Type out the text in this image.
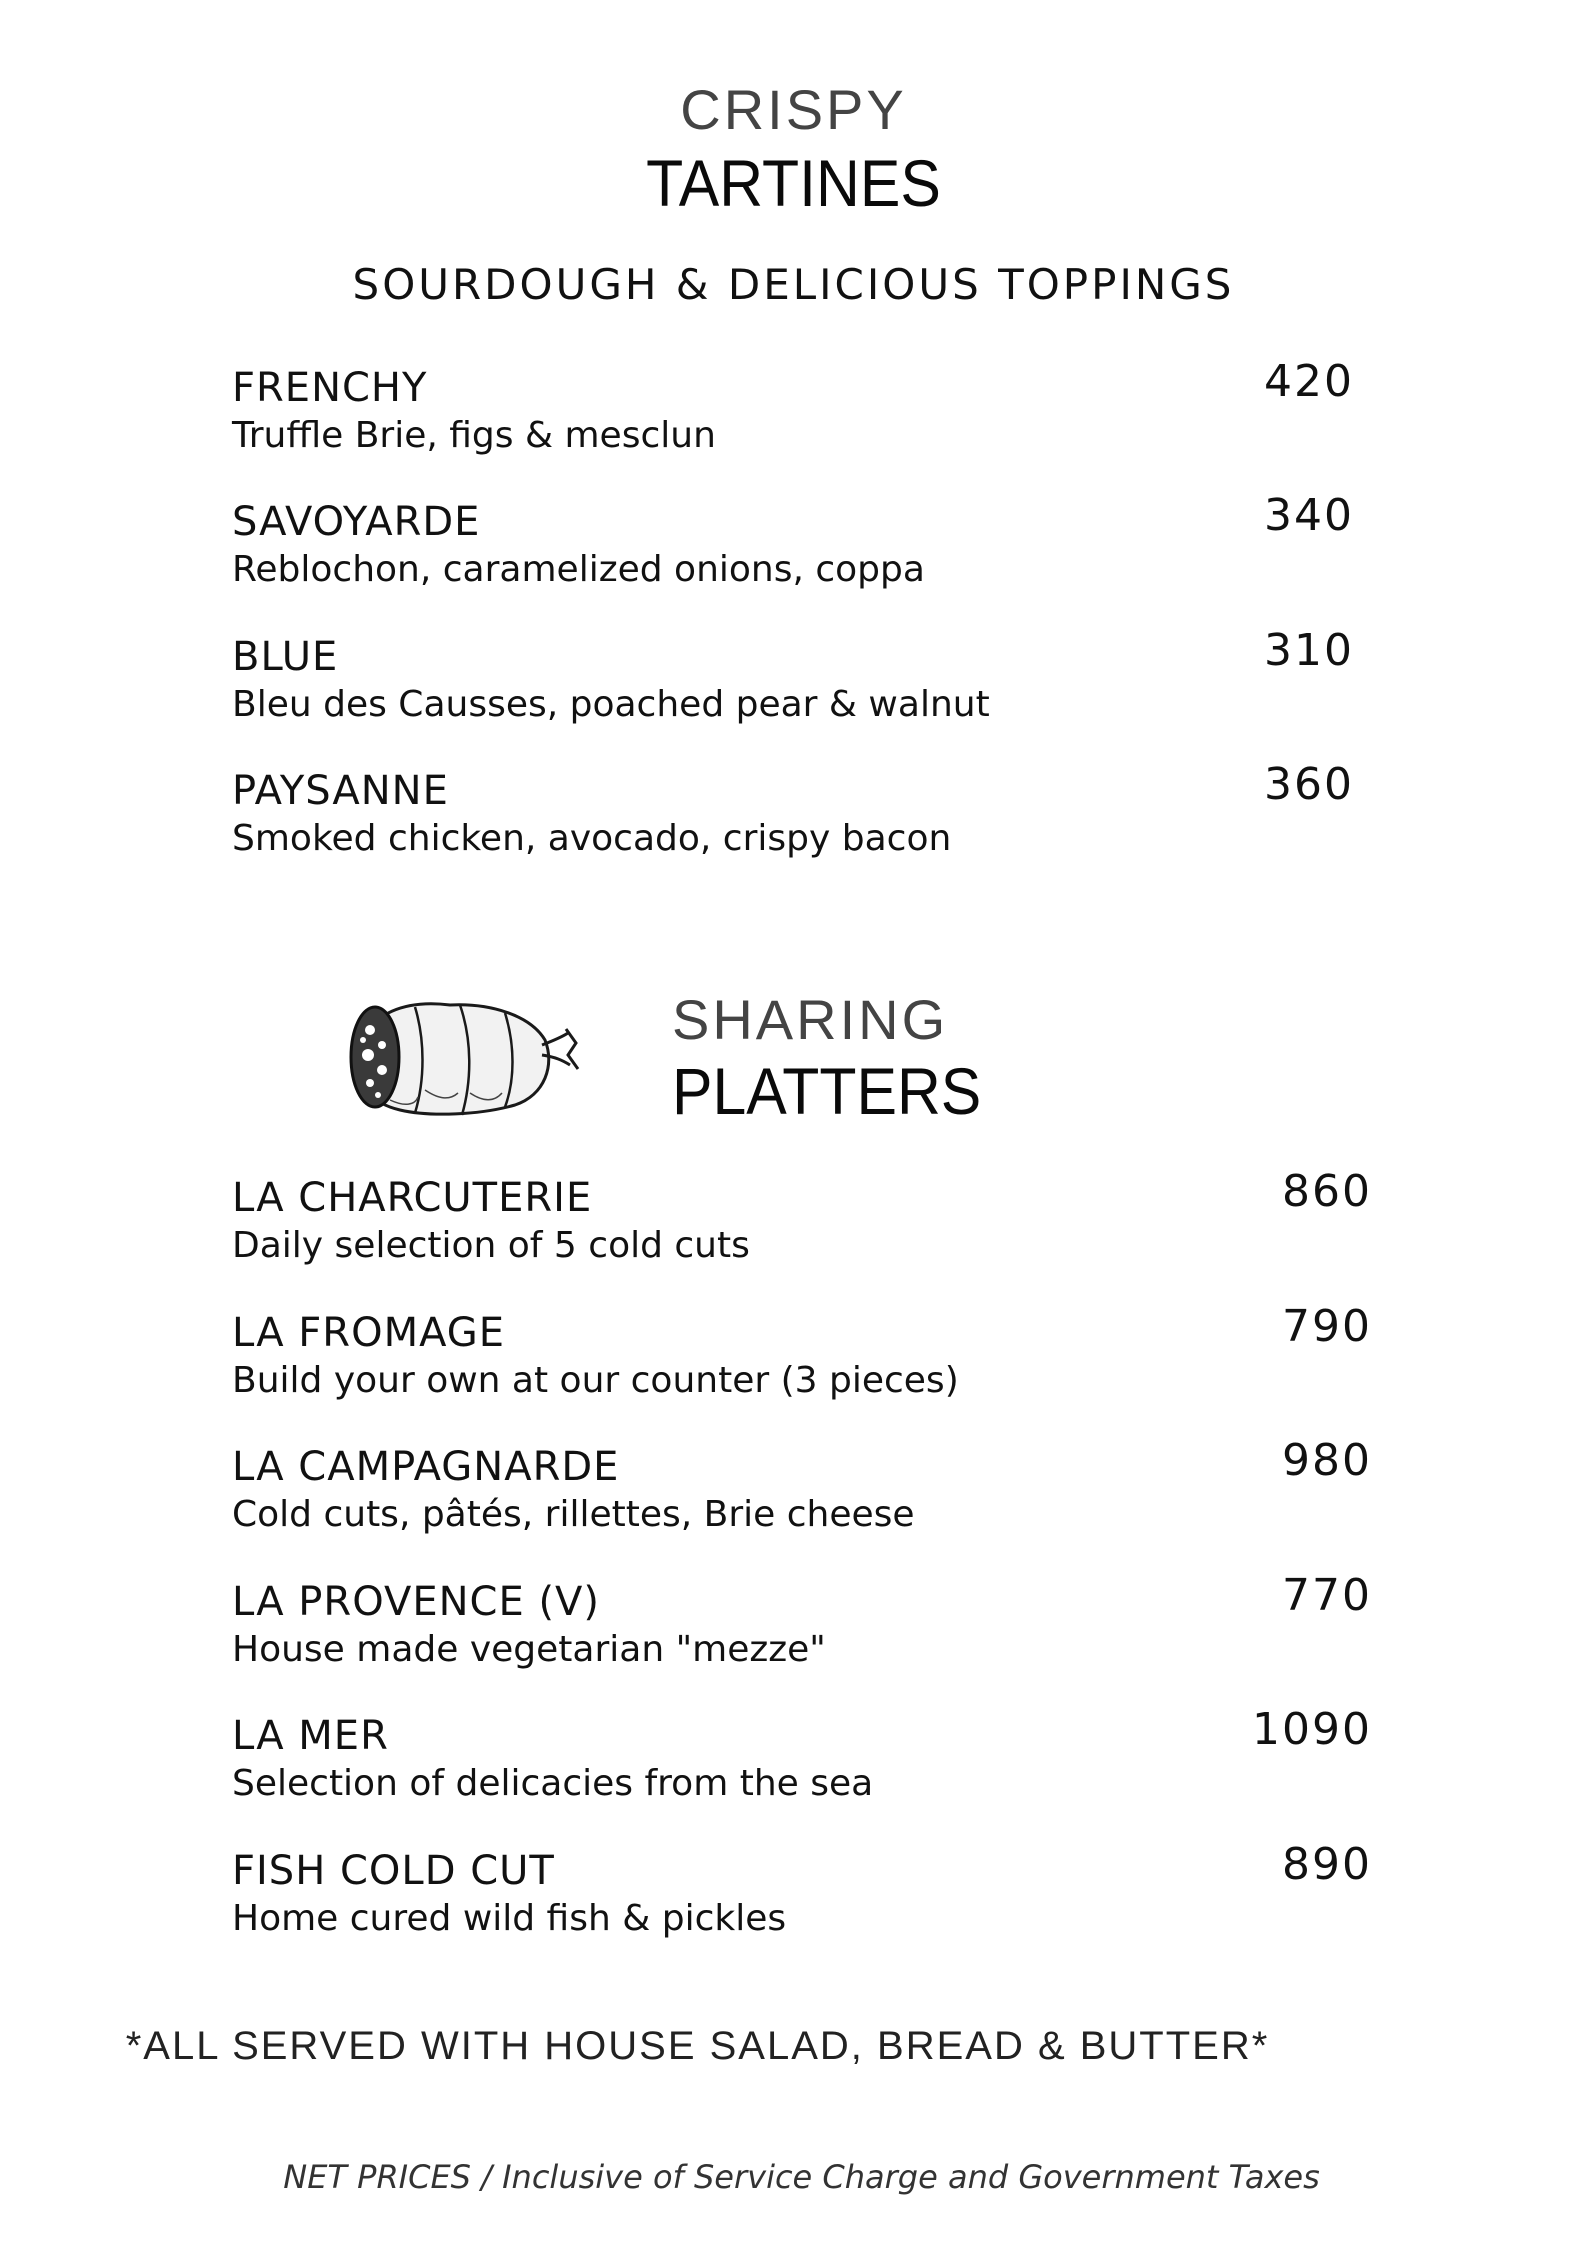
CRISPY
TARTINES
SOURDOUGH & DELICIOUS TOPPINGS
FRENCHY
Truffle Brie, figs & mesclun
420
SAVOYARDE
Reblochon, caramelized onions, coppa
340
BLUE
Bleu des Causses, poached pear & walnut
310
PAYSANNE
Smoked chicken, avocado, crispy bacon
360
SHARING
PLATTERS
LA CHARCUTERIE
Daily selection of 5 cold cuts
860
LA FROMAGE
Build your own at our counter (3 pieces)
790
LA CAMPAGNARDE
Cold cuts, pâtés, rillettes, Brie cheese
980
LA PROVENCE (V)
House made vegetarian "mezze"
770
LA MER
Selection of delicacies from the sea
1090
FISH COLD CUT
Home cured wild fish & pickles
890
*ALL SERVED WITH HOUSE SALAD, BREAD & BUTTER*
NET PRICES / Inclusive of Service Charge and Government Taxes
